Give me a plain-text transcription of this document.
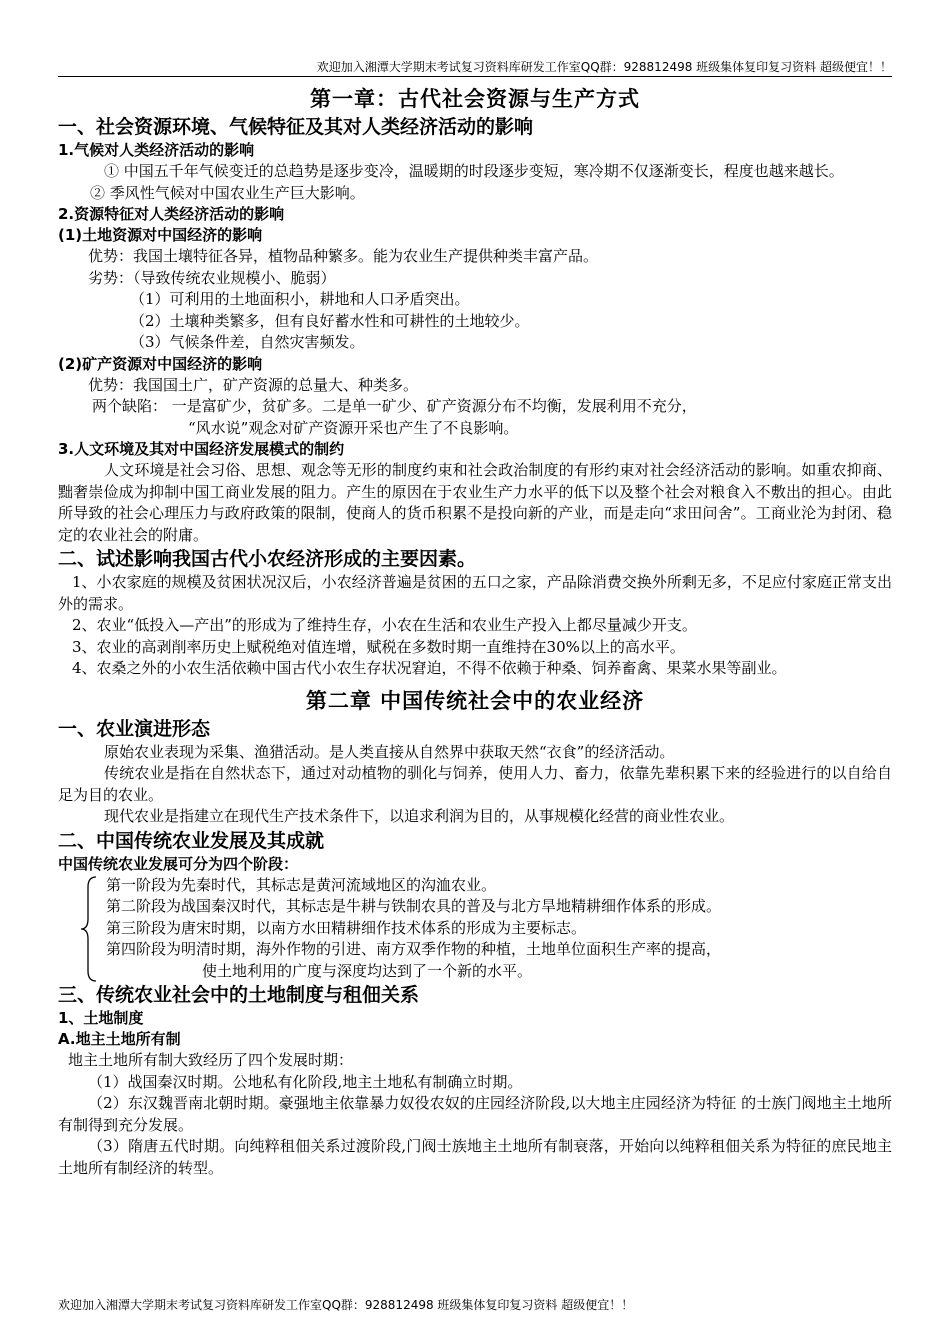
欢迎加入湘潭大学期末考试复习资料库研发工作室QQ群：928812498 班级集体复印复习资料 超级便宜！！
第一章：古代社会资源与生产方式
一、社会资源环境、气候特征及其对人类经济活动的影响
1.气候对人类经济活动的影响
① 中国五千年气候变迁的总趋势是逐步变冷，温暖期的时段逐步变短，寒冷期不仅逐渐变长，程度也越来越长。
② 季风性气候对中国农业生产巨大影响。
2.资源特征对人类经济活动的影响
(1)土地资源对中国经济的影响
优势：我国土壤特征各异，植物品种繁多。能为农业生产提供种类丰富产品。
劣势：（导致传统农业规模小、脆弱）
（1）可利用的土地面积小，耕地和人口矛盾突出。
（2）土壤种类繁多，但有良好蓄水性和可耕性的土地较少。
（3）气候条件差，自然灾害频发。
(2)矿产资源对中国经济的影响
优势：我国国土广，矿产资源的总量大、种类多。
两个缺陷： 一是富矿少，贫矿多。二是单一矿少、矿产资源分布不均衡，发展利用不充分，
“风水说”观念对矿产资源开采也产生了不良影响。
3.人文环境及其对中国经济发展模式的制约
人文环境是社会习俗、思想、观念等无形的制度约束和社会政治制度的有形约束对社会经济活动的影响。如重农抑商、黜奢崇俭成为抑制中国工商业发展的阻力。产生的原因在于农业生产力水平的低下以及整个社会对粮食入不敷出的担心。由此所导致的社会心理压力与政府政策的限制，使商人的货币积累不是投向新的产业，而是走向“求田问舍”。工商业沦为封闭、稳定的农业社会的附庸。
二、试述影响我国古代小农经济形成的主要因素。
1、小农家庭的规模及贫困状况汉后，小农经济普遍是贫困的五口之家，产品除消费交换外所剩无多，不足应付家庭正常支出外的需求。
2、农业“低投入—产出”的形成为了维持生存，小农在生活和农业生产投入上都尽量减少开支。
3、农业的高剥削率历史上赋税绝对值连增，赋税在多数时期一直维持在30%以上的高水平。
4、农桑之外的小农生活依赖中国古代小农生存状况窘迫，不得不依赖于种桑、饲养畜禽、果菜水果等副业。
第二章 中国传统社会中的农业经济
一、农业演进形态
原始农业表现为采集、渔猎活动。是人类直接从自然界中获取天然“衣食”的经济活动。
传统农业是指在自然状态下，通过对动植物的驯化与饲养，使用人力、畜力，依靠先辈积累下来的经验进行的以自给自足为目的农业。
现代农业是指建立在现代生产技术条件下，以追求利润为目的，从事规模化经营的商业性农业。
二、中国传统农业发展及其成就
中国传统农业发展可分为四个阶段：
第一阶段为先秦时代，其标志是黄河流域地区的沟洫农业。
第二阶段为战国秦汉时代，其标志是牛耕与铁制农具的普及与北方旱地精耕细作体系的形成。
第三阶段为唐宋时期，以南方水田精耕细作技术体系的形成为主要标志。
第四阶段为明清时期，海外作物的引进、南方双季作物的种植，土地单位面积生产率的提高，
使土地利用的广度与深度均达到了一个新的水平。
三、传统农业社会中的土地制度与租佃关系
1、土地制度
A.地主土地所有制
地主土地所有制大致经历了四个发展时期：
（1）战国秦汉时期。公地私有化阶段,地主土地私有制确立时期。
（2）东汉魏晋南北朝时期。豪强地主依靠暴力奴役农奴的庄园经济阶段,以大地主庄园经济为特征 的士族门阀地主土地所有制得到充分发展。
（3）隋唐五代时期。向纯粹租佃关系过渡阶段,门阀士族地主土地所有制衰落，开始向以纯粹租佃关系为特征的庶民地主土地所有制经济的转型。
欢迎加入湘潭大学期末考试复习资料库研发工作室QQ群：928812498 班级集体复印复习资料 超级便宜！！
